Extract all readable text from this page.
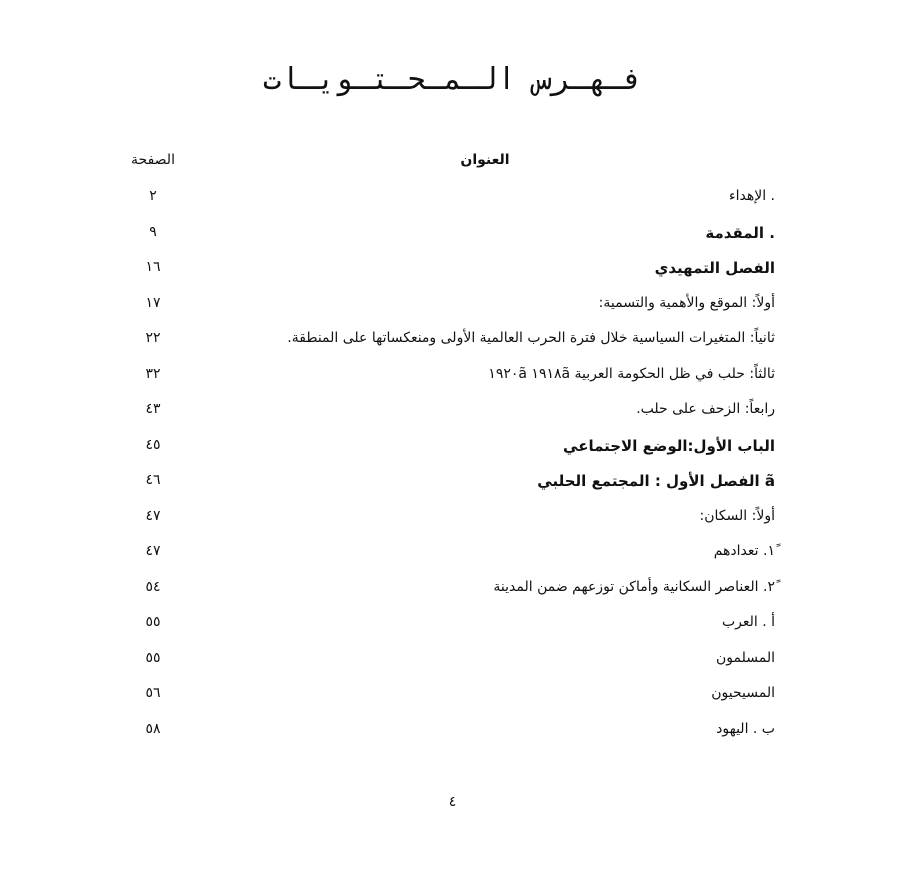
فـهـرس الـمـحـتـويـات
العنوان
الصفحة
. الإهداء
٢
. المقدمة
٩
الفصل التمهيدي
١٦
أولاً: الموقع والأهمية والتسمية:
١٧
ثانياً: المتغيرات السياسية خلال فترة الحرب العالمية الأولى ومنعكساتها على المنطقة.
٢٢
ثالثاً: حلب في ظل الحكومة العربية ١٩١٨ã ١٩٢٠ã
٣٢
رابعاً: الزحف على حلب.
٤٣
الباب الأول:الوضع الاجتماعي
٤٥
ã الفصل الأول : المجتمع الحلبي
٤٦
أولاً: السكان:
٤٧
ً١. تعدادهم
٤٧
ً٢. العناصر السكانية وأماكن توزعهم ضمن المدينة
٥٤
أ . العرب
٥٥
المسلمون
٥٥
المسيحيون
٥٦
ب . اليهود
٥٨
٤
